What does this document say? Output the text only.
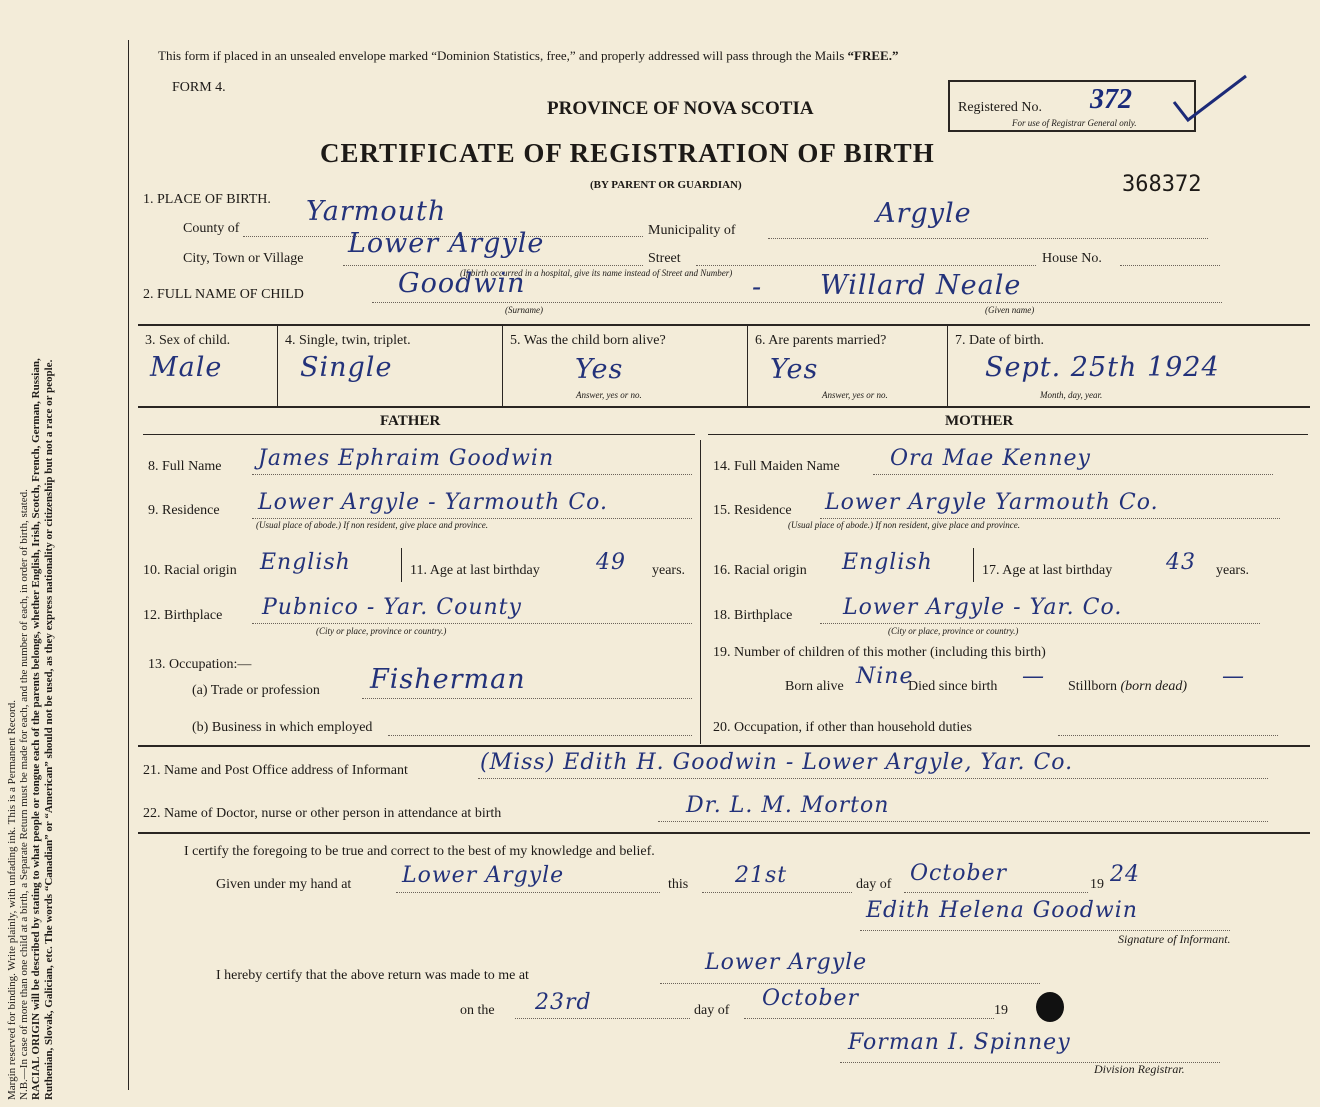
Margin reserved for binding. Write plainly, with unfading ink. This is a Permanent Record. N.B.—In case of more than one child at a birth, a Separate Return must be made for each, and the number of each, in order of birth, stated. RACIAL ORIGIN will be described by stating to what people or tongue each of the parents belongs, whether English, Irish, Scotch, French, German, Russian, Ruthenian, Slovak, Galician, etc. The words “Canadian” or “American” should not be used, as they express nationality or citizenship but not a race or people.
This form if placed in an unsealed envelope marked “Dominion Statistics, free,” and properly addressed will pass through the Mails “FREE.”
FORM 4.
PROVINCE OF NOVA SCOTIA	Registered No. 372
For use of Registrar General only.
CERTIFICATE OF REGISTRATION OF BIRTH
(BY PARENT OR GUARDIAN)	368372
1. PLACE OF BIRTH.
County of
Yarmouth
Municipality of
Argyle
City, Town or Village Lower Argyle	Street	House No.
(If birth occurred in a hospital, give its name instead of Street and Number)
2. FULL NAME OF CHILD	Goodwin	- Willard Neale
(Surname)	(Given name)
3. Sex of child.
Male
4. Single, twin, triplet.
Single
5. Was the child born alive?
Yes
Answer, yes or no.
6. Are parents married?
Yes
Answer, yes or no.
7. Date of birth.
Sept. 25th 1924
Month, day, year.
FATHER	MOTHER
8. Full Name James Ephraim Goodwin
9. Residence Lower Argyle - Yarmouth Co.
(Usual place of abode.) If non resident, give place and province.
10. Racial origin English	11. Age at last birthday	49 years.
12. Birthplace Pubnico - Yar. County
(City or place, province or country.)
13. Occupation:—
(a) Trade or profession Fisherman
(b) Business in which employed
14. Full Maiden Name Ora Mae Kenney
15. Residence Lower Argyle Yarmouth Co.
(Usual place of abode.) If non resident, give place and province.
16. Racial origin English	17. Age at last birthday 43 years.
18. Birthplace Lower Argyle - Yar. Co.
(City or place, province or country.)
19. Number of children of this mother (including this birth)
Born alive Nine
Died since birth — Stillborn (born dead) —
20. Occupation, if other than household duties
21. Name and Post Office address of Informant	(Miss) Edith H. Goodwin - Lower Argyle, Yar. Co.
22. Name of Doctor, nurse or other person in attendance at birth	Dr. L. M. Morton
I certify the foregoing to be true and correct to the best of my knowledge and belief.
Given under my hand at Lower Argyle	this 21st	day of October	19 24
Edith Helena Goodwin
Signature of Informant.
I hereby certify that the above return was made to me at
Lower Argyle
on the 23rd	day of October	19
Forman I. Spinney
Division Registrar.
